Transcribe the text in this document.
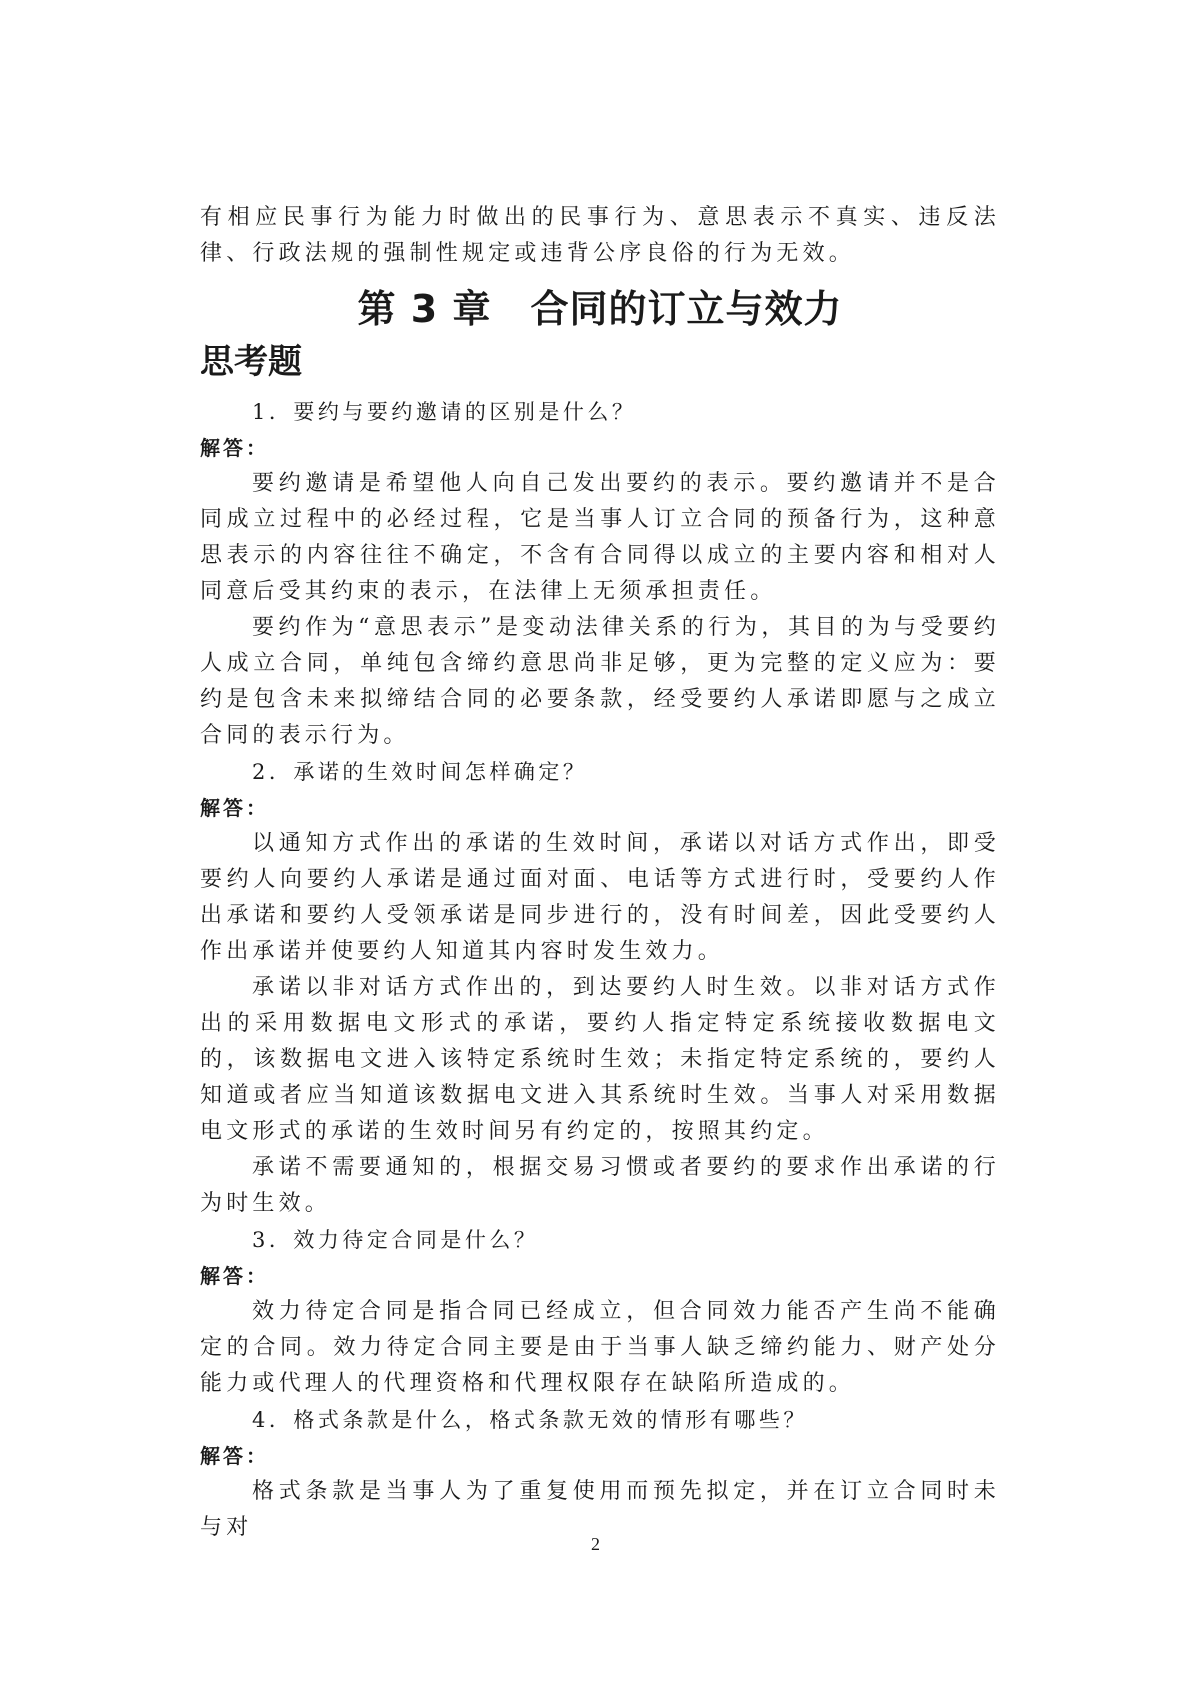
有相应民事行为能力时做出的民事行为、意思表示不真实、违反法律、行政法规的强制性规定或违背公序良俗的行为无效。

第 3 章　合同的订立与效力
思考题

1．要约与要约邀请的区别是什么？

解答：

要约邀请是希望他人向自己发出要约的表示。要约邀请并不是合同成立过程中的必经过程，它是当事人订立合同的预备行为，这种意思表示的内容往往不确定，不含有合同得以成立的主要内容和相对人同意后受其约束的表示，在法律上无须承担责任。

要约作为“意思表示”是变动法律关系的行为，其目的为与受要约人成立合同，单纯包含缔约意思尚非足够，更为完整的定义应为：要约是包含未来拟缔结合同的必要条款，经受要约人承诺即愿与之成立合同的表示行为。

2．承诺的生效时间怎样确定？

解答：

以通知方式作出的承诺的生效时间，承诺以对话方式作出，即受要约人向要约人承诺是通过面对面、电话等方式进行时，受要约人作出承诺和要约人受领承诺是同步进行的，没有时间差，因此受要约人作出承诺并使要约人知道其内容时发生效力。

承诺以非对话方式作出的，到达要约人时生效。以非对话方式作出的采用数据电文形式的承诺，要约人指定特定系统接收数据电文的，该数据电文进入该特定系统时生效；未指定特定系统的，要约人知道或者应当知道该数据电文进入其系统时生效。当事人对采用数据电文形式的承诺的生效时间另有约定的，按照其约定。

承诺不需要通知的，根据交易习惯或者要约的要求作出承诺的行为时生效。

3．效力待定合同是什么？

解答：

效力待定合同是指合同已经成立，但合同效力能否产生尚不能确定的合同。效力待定合同主要是由于当事人缺乏缔约能力、财产处分能力或代理人的代理资格和代理权限存在缺陷所造成的。

4．格式条款是什么，格式条款无效的情形有哪些？

解答：

格式条款是当事人为了重复使用而预先拟定，并在订立合同时未与对

2
